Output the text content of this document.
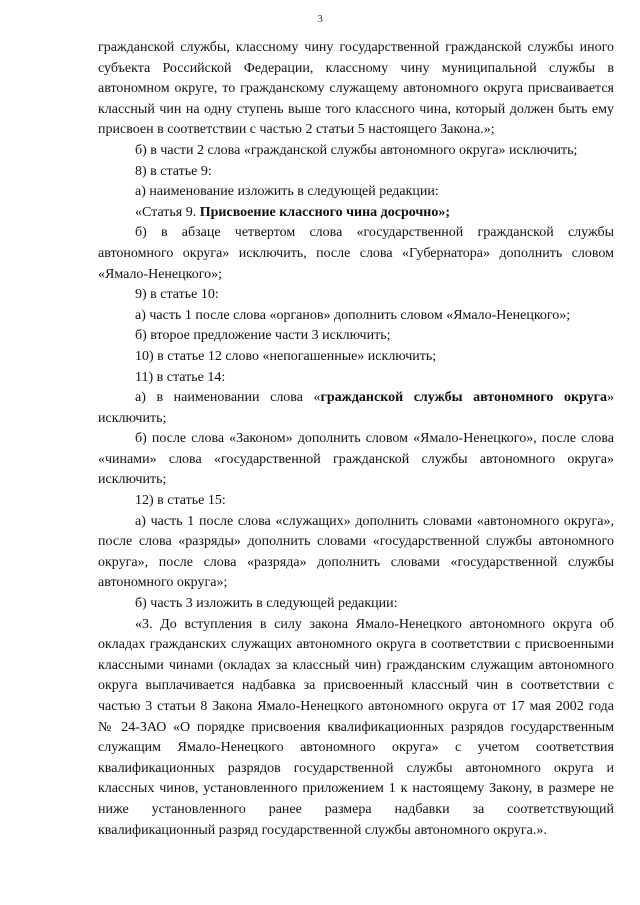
3

гражданской службы, классному чину государственной гражданской службы иного субъекта Российской Федерации, классному чину муниципальной службы в автономном округе, то гражданскому служащему автономного округа присваивается классный чин на одну ступень выше того классного чина, который должен быть ему присвоен в соответствии с частью 2 статьи 5 настоящего Закона.»;

б) в части 2 слова «гражданской службы автономного округа» исключить;

8) в статье 9:

а) наименование изложить в следующей редакции:

«Статья 9. Присвоение классного чина досрочно»;

б) в абзаце четвертом слова «государственной гражданской службы автономного округа» исключить, после слова «Губернатора» дополнить словом «Ямало-Ненецкого»;

9) в статье 10:

а) часть 1 после слова «органов» дополнить словом «Ямало-Ненецкого»;

б) второе предложение части 3 исключить;

10) в статье 12 слово «непогашенные» исключить;

11) в статье 14:

а) в наименовании слова «гражданской службы автономного округа» исключить;

б) после слова «Законом» дополнить словом «Ямало-Ненецкого», после слова «чинами» слова «государственной гражданской службы автономного округа» исключить;

12) в статье 15:

а) часть 1 после слова «служащих» дополнить словами «автономного округа», после слова «разряды» дополнить словами «государственной службы автономного округа», после слова «разряда» дополнить словами «государственной службы автономного округа»;

б) часть 3 изложить в следующей редакции:

«3. До вступления в силу закона Ямало-Ненецкого автономного округа об окладах гражданских служащих автономного округа в соответствии с присвоенными классными чинами (окладах за классный чин) гражданским служащим автономного округа выплачивается надбавка за присвоенный классный чин в соответствии с частью 3 статьи 8 Закона Ямало-Ненецкого автономного округа от 17 мая 2002 года № 24-ЗАО «О порядке присвоения квалификационных разрядов государственным служащим Ямало-Ненецкого автономного округа» с учетом соответствия квалификационных разрядов государственной службы автономного округа и классных чинов, установленного приложением 1 к настоящему Закону, в размере не ниже установленного ранее размера надбавки за соответствующий квалификационный разряд государственной службы автономного округа.».
